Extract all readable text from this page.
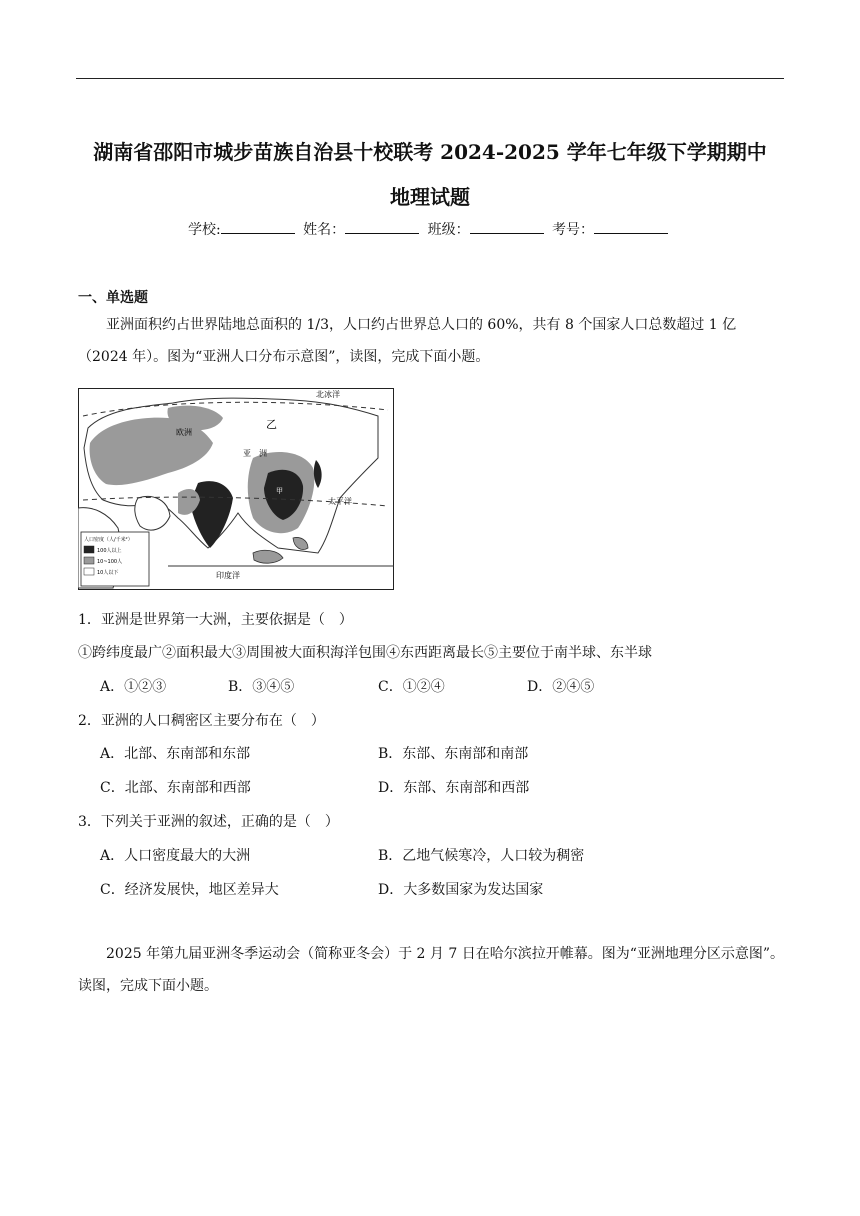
湖南省邵阳市城步苗族自治县十校联考 2024-2025 学年七年级下学期期中
地理试题
学校:	姓名：	班级：	考号：
一、单选题
亚洲面积约占世界陆地总面积的 1/3，人口约占世界总人口的 60%，共有 8 个国家人口总数超过 1 亿（2024 年）。图为“亚洲人口分布示意图”，读图，完成下面小题。
北冰洋
欧洲
乙
亚　洲
太平洋
印度洋
甲
人口密度（人/千米²）
100人以上
10~100人
10人以下
1．亚洲是世界第一大洲，主要依据是（　）
①跨纬度最广②面积最大③周围被大面积海洋包围④东西距离最长⑤主要位于南半球、东半球
A．①②③	B．③④⑤	C．①②④	D．②④⑤
2．亚洲的人口稠密区主要分布在（　）
A．北部、东南部和东部	B．东部、东南部和南部
C．北部、东南部和西部	D．东部、东南部和西部
3．下列关于亚洲的叙述，正确的是（　）
A．人口密度最大的大洲	B．乙地气候寒冷，人口较为稠密
C．经济发展快，地区差异大	D．大多数国家为发达国家
2025 年第九届亚洲冬季运动会（简称亚冬会）于 2 月 7 日在哈尔滨拉开帷幕。图为“亚洲地理分区示意图”。读图，完成下面小题。
